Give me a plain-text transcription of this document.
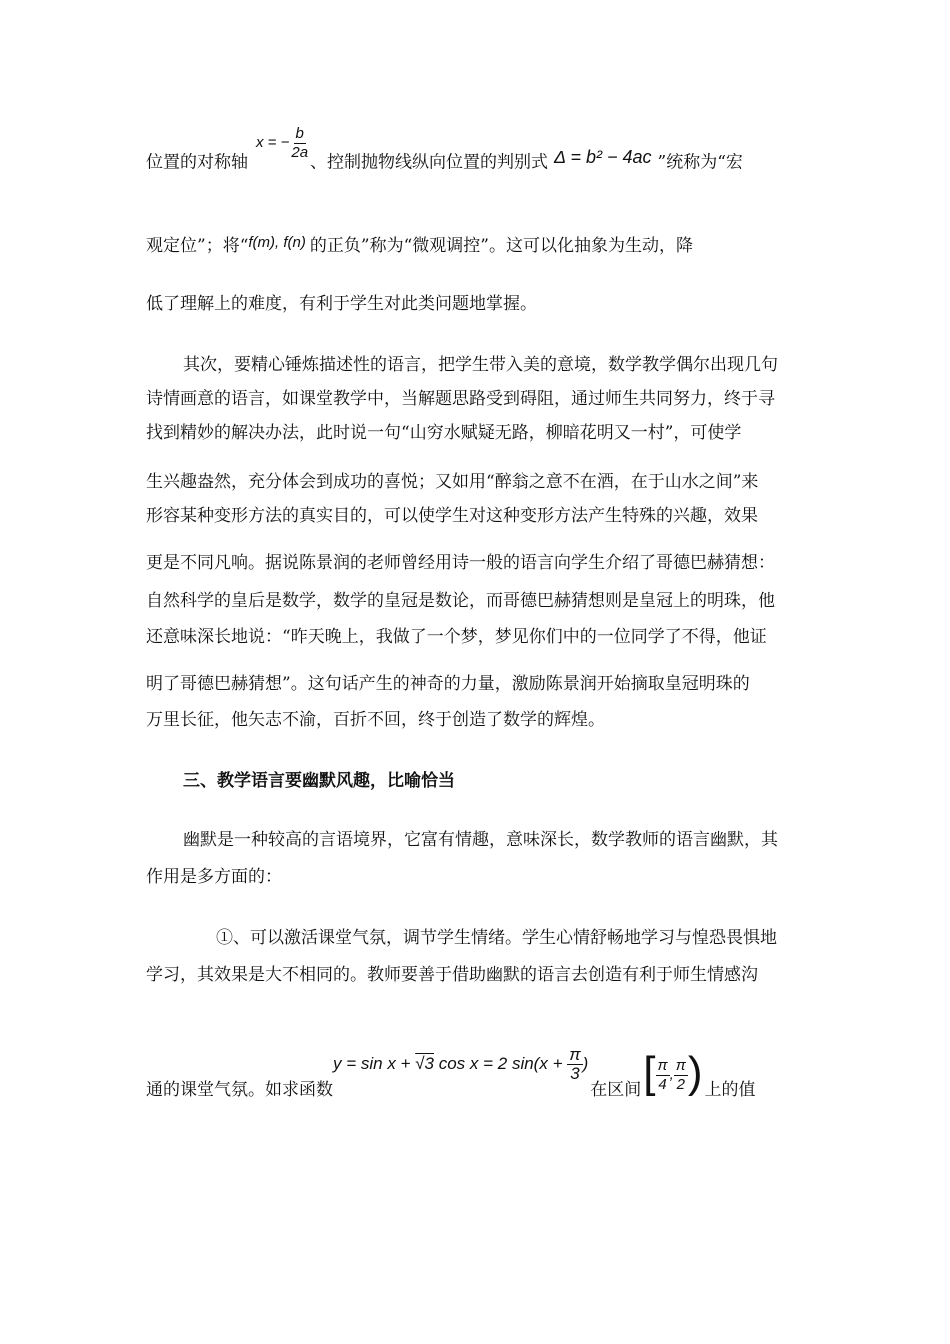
位置的对称轴x = − $\frac{b}{2a}$
、控制抛物线纵向位置的判别式 Δ = b² − 4ac ”统称为“宏
观定位”；将“f(m), f(n) 的正负”称为“微观调控”。这可以化抽象为生动，降
低了理解上的难度，有利于学生对此类问题地掌握。
其次，要精心锤炼描述性的语言，把学生带入美的意境，数学教学偶尔出现几句
诗情画意的语言，如课堂教学中，当解题思路受到碍阻，通过师生共同努力，终于寻
找到精妙的解决办法，此时说一句“山穷水赋疑无路，柳暗花明又一村”，可使学
生兴趣盎然，充分体会到成功的喜悦；又如用“醉翁之意不在酒，在于山水之间”来
形容某种变形方法的真实目的，可以使学生对这种变形方法产生特殊的兴趣，效果
更是不同凡响。据说陈景润的老师曾经用诗一般的语言向学生介绍了哥德巴赫猜想：
自然科学的皇后是数学，数学的皇冠是数论，而哥德巴赫猜想则是皇冠上的明珠，他
还意味深长地说：“昨天晚上，我做了一个梦，梦见你们中的一位同学了不得，他证
明了哥德巴赫猜想”。这句话产生的神奇的力量，激励陈景润开始摘取皇冠明珠的
万里长征，他矢志不渝，百折不回，终于创造了数学的辉煌。
三、教学语言要幽默风趣，比喻恰当
幽默是一种较高的言语境界，它富有情趣，意味深长，数学教师的语言幽默，其
作用是多方面的：
①、可以激活课堂气氛，调节学生情绪。学生心情舒畅地学习与惶恐畏惧地
学习，其效果是大不相同的。教师要善于借助幽默的语言去创造有利于师生情感沟
通的课堂气氛。如求函数y = sin x + √3 cos x = 2 $\sin(x + \frac{\pi}{3}$ )在区间[ $\frac{\pi}{4}$ , $\frac{\pi}{2}$ ) 上的值
